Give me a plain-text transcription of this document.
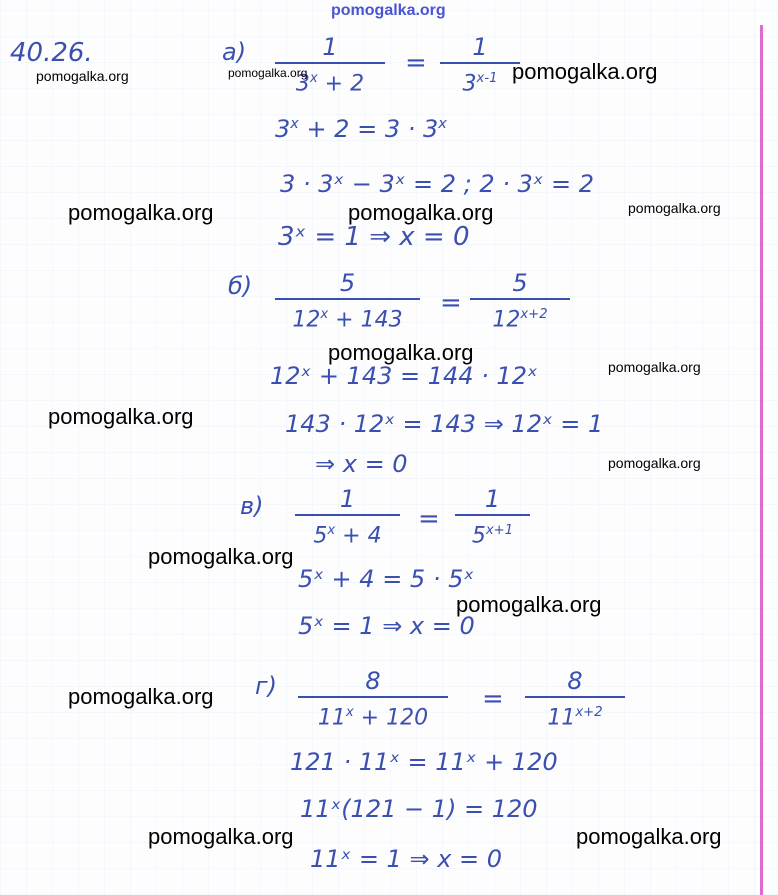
pomogalka.org
40.26.	а)	1
$3^x + 2$
=
1
3$^{x-1}$
$3^x + 2 = 3 \cdot 3^x$
3 · 3ˣ − 3ˣ = 2 ; 2 · 3ˣ = 2
3ˣ = 1 ⇒ x = 0
б)	5
$12^x + 143$
=
5
$12^{x+2}$
12ˣ + 143 = 144 · 12ˣ
143 · 12ˣ = 143 ⇒ 12ˣ = 1
⇒ x = 0
в)	1
$5^x + 4$
=
1
$5^{x+1}$
5ˣ + 4 = 5 · 5ˣ
5ˣ = 1 ⇒ x = 0
г)	8
$11^x + 120$
=
8
$11^{x+2}$
121 · 11ˣ = 11ˣ + 120
11ˣ(121 − 1) = 120
11ˣ = 1 ⇒ x = 0
pomogalka.org	pomogalka.org	pomogalka.org
pomogalka.org	pomogalka.org	pomogalka.org
pomogalka.org
pomogalka.org
pomogalka.org
pomogalka.org
pomogalka.org
pomogalka.org
pomogalka.org
pomogalka.org	pomogalka.org
